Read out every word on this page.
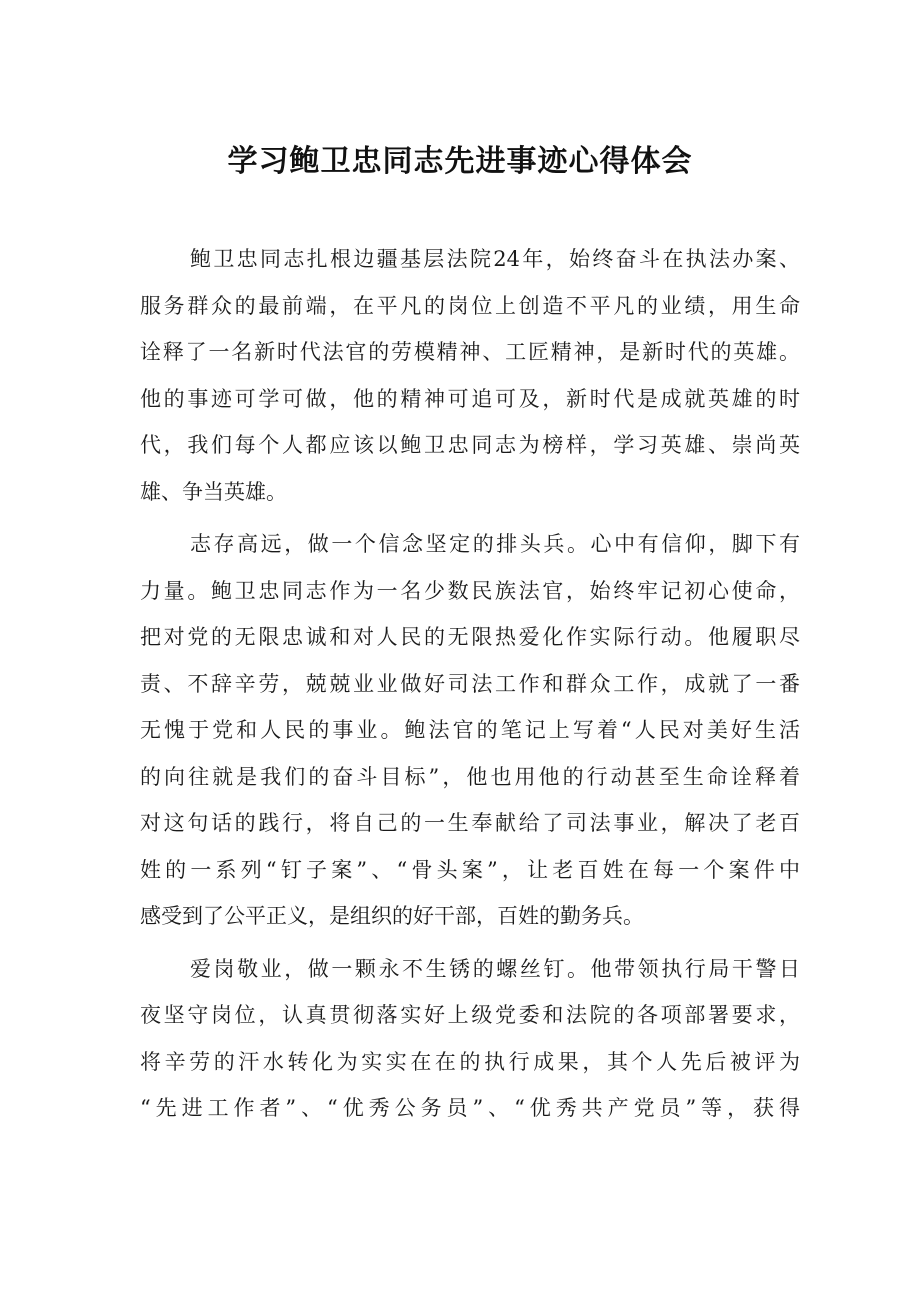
学习鲍卫忠同志先进事迹心得体会
鲍卫忠同志扎根边疆基层法院24年，始终奋斗在执法办案、
服务群众的最前端，在平凡的岗位上创造不平凡的业绩，用生命
诠释了一名新时代法官的劳模精神、工匠精神，是新时代的英雄。
他的事迹可学可做，他的精神可追可及，新时代是成就英雄的时
代，我们每个人都应该以鲍卫忠同志为榜样，学习英雄、崇尚英
雄、争当英雄。
志存高远，做一个信念坚定的排头兵。心中有信仰，脚下有
力量。鲍卫忠同志作为一名少数民族法官，始终牢记初心使命，
把对党的无限忠诚和对人民的无限热爱化作实际行动。他履职尽
责、不辞辛劳，兢兢业业做好司法工作和群众工作，成就了一番
无愧于党和人民的事业。鲍法官的笔记上写着“人民对美好生活
的向往就是我们的奋斗目标”，他也用他的行动甚至生命诠释着
对这句话的践行，将自己的一生奉献给了司法事业，解决了老百
姓的一系列“钉子案”、“骨头案”，让老百姓在每一个案件中
感受到了公平正义，是组织的好干部，百姓的勤务兵。
爱岗敬业，做一颗永不生锈的螺丝钉。他带领执行局干警日
夜坚守岗位，认真贯彻落实好上级党委和法院的各项部署要求，
将辛劳的汗水转化为实实在在的执行成果，其个人先后被评为
“先进工作者”、“优秀公务员”、“优秀共产党员”等，获得
